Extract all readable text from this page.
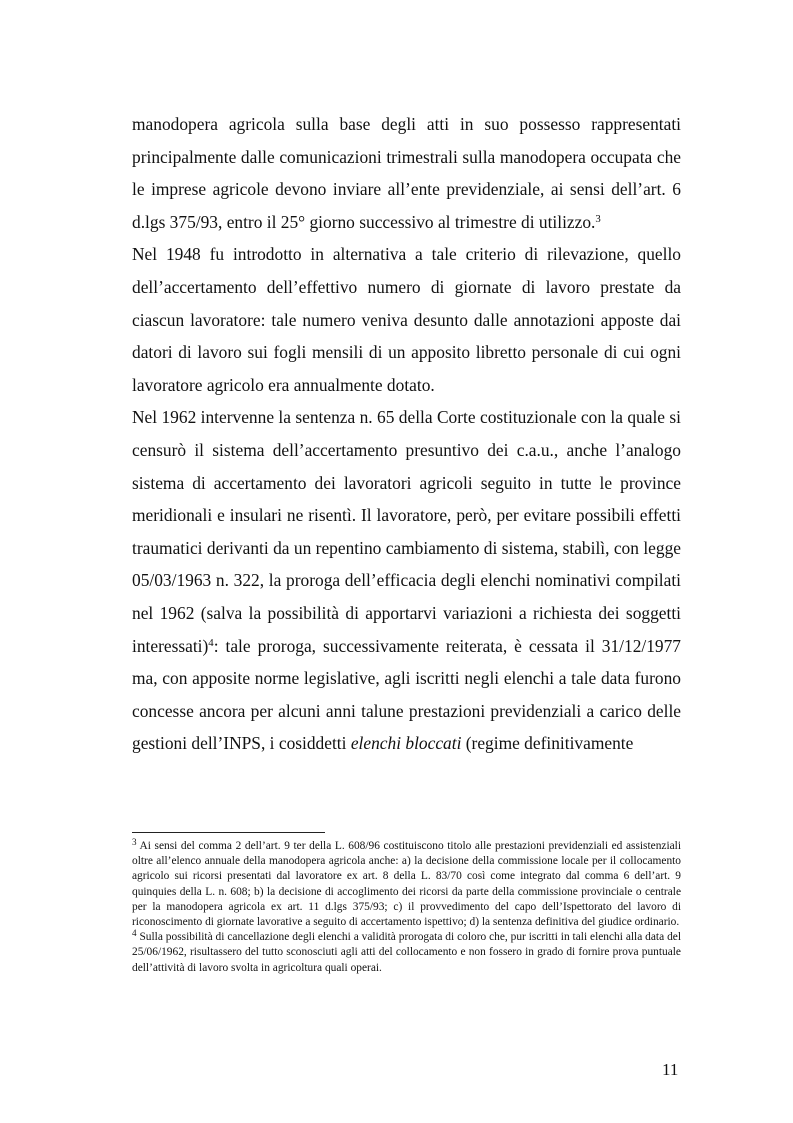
manodopera agricola sulla base degli atti in suo possesso rappresentati principalmente dalle comunicazioni trimestrali sulla manodopera occupata che le imprese agricole devono inviare all’ente previdenziale, ai sensi dell’art. 6 d.lgs 375/93, entro il 25° giorno successivo al trimestre di utilizzo.$^3$

Nel 1948 fu introdotto in alternativa a tale criterio di rilevazione, quello dell’accertamento dell’effettivo numero di giornate di lavoro prestate da ciascun lavoratore: tale numero veniva desunto dalle annotazioni apposte dai datori di lavoro sui fogli mensili di un apposito libretto personale di cui ogni lavoratore agricolo era annualmente dotato.

Nel 1962 intervenne la sentenza n. 65 della Corte costituzionale con la quale si censurò il sistema dell’accertamento presuntivo dei c.a.u., anche l’analogo sistema di accertamento dei lavoratori agricoli seguito in tutte le province meridionali e insulari ne risentì. Il lavoratore, però, per evitare possibili effetti traumatici derivanti da un repentino cambiamento di sistema, stabilì, con legge 05/03/1963 n. 322, la proroga dell’efficacia degli elenchi nominativi compilati nel 1962 (salva la possibilità di apportarvi variazioni a richiesta dei soggetti interessati)$^4$: tale proroga, successivamente reiterata, è cessata il 31/12/1977 ma, con apposite norme legislative, agli iscritti negli elenchi a tale data furono concesse ancora per alcuni anni talune prestazioni previdenziali a carico delle gestioni dell’INPS, i cosiddetti elenchi bloccati (regime definitivamente

$^3$ Ai sensi del comma 2 dell’art. 9 ter della L. 608/96 costituiscono titolo alle prestazioni previdenziali ed assistenziali oltre all’elenco annuale della manodopera agricola anche: a) la decisione della commissione locale per il collocamento agricolo sui ricorsi presentati dal lavoratore ex art. 8 della L. 83/70 così come integrato dal comma 6 dell’art. 9 quinquies della L. n. 608; b) la decisione di accoglimento dei ricorsi da parte della commissione provinciale o centrale per la manodopera agricola ex art. 11 d.lgs 375/93; c) il provvedimento del capo dell’Ispettorato del lavoro di riconoscimento di giornate lavorative a seguito di accertamento ispettivo; d) la sentenza definitiva del giudice ordinario.

$^4$ Sulla possibilità di cancellazione degli elenchi a validità prorogata di coloro che, pur iscritti in tali elenchi alla data del 25/06/1962, risultassero del tutto sconosciuti agli atti del collocamento e non fossero in grado di fornire prova puntuale dell’attività di lavoro svolta in agricoltura quali operai.

11
